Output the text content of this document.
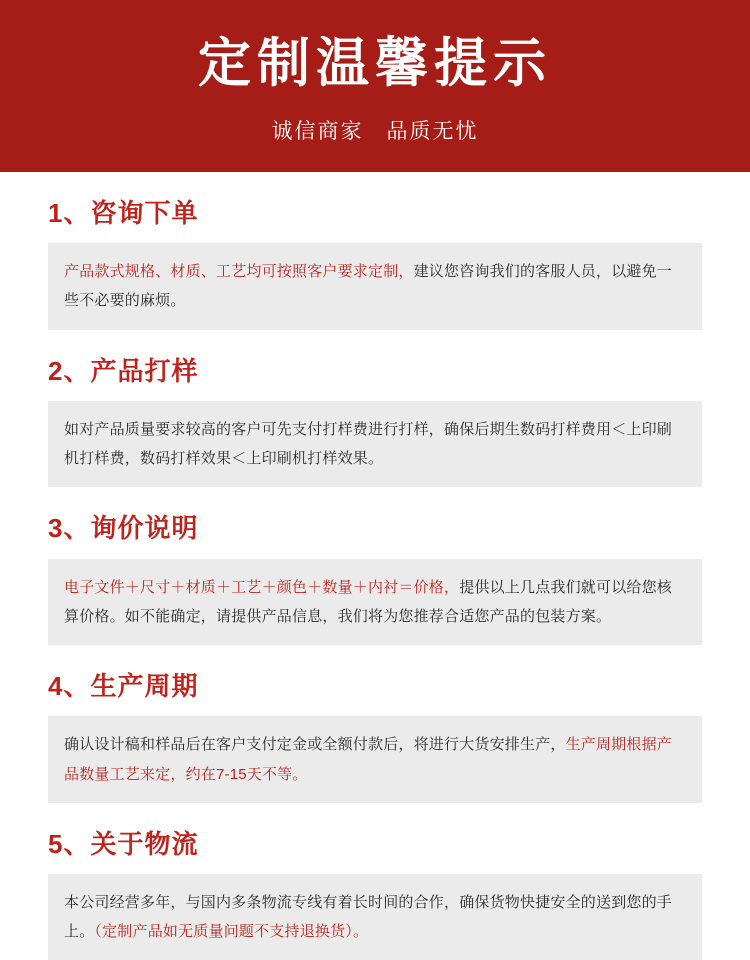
定制温馨提示
诚信商家　品质无忧
1、咨询下单
产品款式规格、材质、工艺均可按照客户要求定制，建议您咨询我们的客服人员，以避免一些不必要的麻烦。
2、产品打样
如对产品质量要求较高的客户可先支付打样费进行打样，确保后期生数码打样费用＜上印刷机打样费，数码打样效果＜上印刷机打样效果。
3、询价说明
电子文件＋尺寸＋材质＋工艺＋颜色＋数量＋内衬＝价格，提供以上几点我们就可以给您核算价格。如不能确定，请提供产品信息，我们将为您推荐合适您产品的包装方案。
4、生产周期
确认设计稿和样品后在客户支付定金或全额付款后，将进行大货安排生产，生产周期根据产品数量工艺来定，约在7-15天不等。
5、关于物流
本公司经营多年，与国内多条物流专线有着长时间的合作，确保货物快捷安全的送到您的手上。（定制产品如无质量问题不支持退换货）。
